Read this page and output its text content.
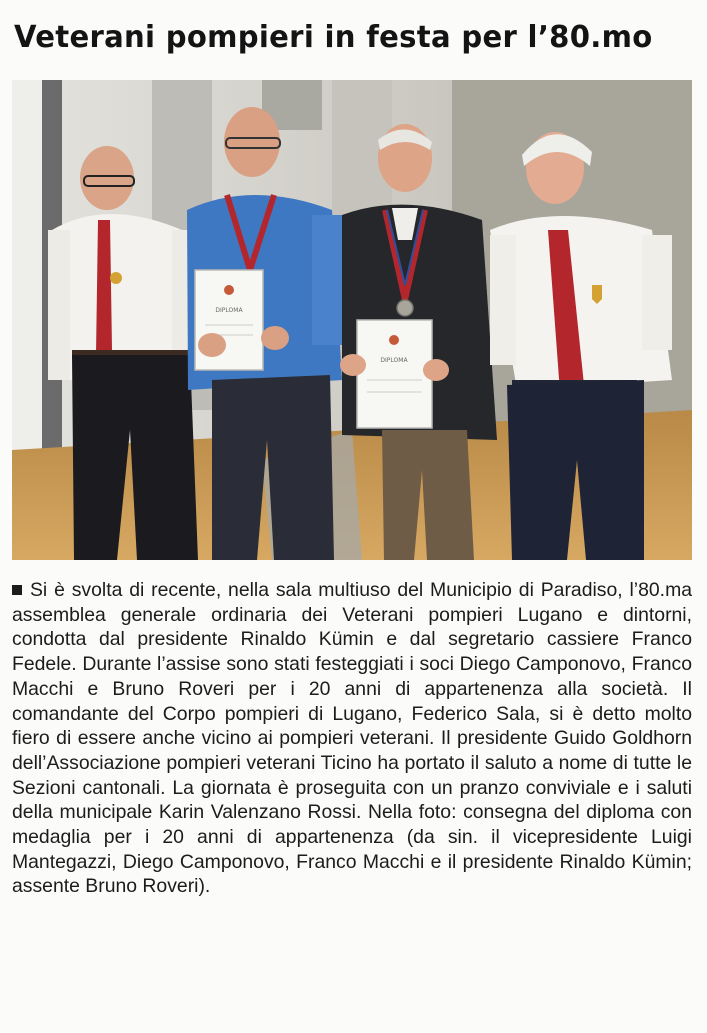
Veterani pompieri in festa per l’80.mo
DIPLOMA
DIPLOMA

Si è svolta di recente, nella sala multiuso del Municipio di Paradiso, l’80.ma assemblea generale ordinaria dei Veterani pompieri Lugano e dintorni, condotta dal presidente Rinaldo Kümin e dal segretario cassiere Franco Fedele. Durante l’assise sono stati festeggiati i soci Diego Camponovo, Franco Macchi e Bruno Roveri per i 20 anni di appartenenza alla società. Il comandante del Corpo pompieri di Lugano, Federico Sala, si è detto molto fiero di essere anche vicino ai pompieri veterani. Il presidente Guido Goldhorn dell’Associazione pompieri veterani Ticino ha portato il saluto a nome di tutte le Sezioni cantonali. La giornata è proseguita con un pranzo conviviale e i saluti della municipale Karin Valenzano Rossi. Nella foto: consegna del diploma con medaglia per i 20 anni di appartenenza (da sin. il vicepresidente Luigi Mantegazzi, Diego Camponovo, Franco Macchi e il presidente Rinaldo Kümin; assente Bruno Roveri).
